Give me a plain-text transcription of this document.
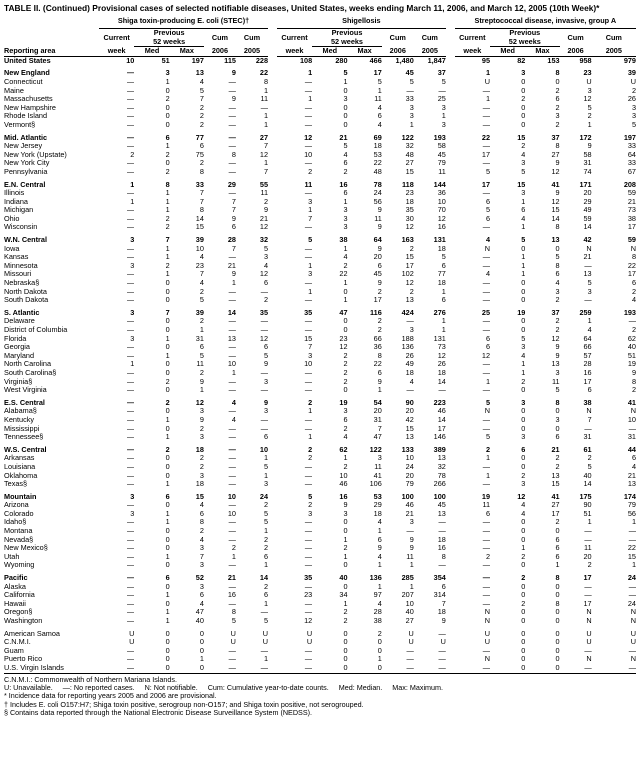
TABLE II. (Continued) Provisional cases of selected notifiable diseases, United States, weeks ending March 11, 2006, and March 12, 2005 (10th Week)*
	Shiga toxin-producing E. coli (STEC)†						Shigellosis						Streptococcal disease, invasive, group A				
	Current	Previous
52 weeks		Cum	Cum		Current	Previous
52 weeks		Cum	Cum		Current	Previous
52 weeks		Cum	Cum
Reporting area	week	Med	Max	2006	2005		week	Med	Max	2006	2005		week	Med	Max	2006	2005
United States	10	51	197	115	228		108	280	466	1,480	1,847		95	82	153	958	979

New England	—	3	13	9	22		1	5	17	45	37		1	3	8	23	39
Connecticut	—	1	4	—	8		—	1	5	5	5		U	0	0	U	U
Maine	—	0	5	—	1		—	0	1	—	—		—	0	2	3	2
Massachusetts	—	2	7	9	11		1	3	11	33	25		1	2	6	12	26
New Hampshire	—	0	2	—	—		—	0	4	3	3		—	0	2	5	3
Rhode Island	—	0	2	—	1		—	0	6	3	1		—	0	3	2	3
Vermont§	—	0	2	—	1		—	0	4	1	3		—	0	2	1	5

Mid. Atlantic	—	6	77	—	27		12	21	69	122	193		22	15	37	172	197
New Jersey	—	1	6	—	7		—	5	18	32	58		—	2	8	9	33
New York (Upstate)	2	2	75	8	12		10	4	53	48	45		17	4	27	58	64
New York City	—	0	2	—	1		—	6	22	27	79		—	3	9	31	33
Pennsylvania	—	2	8	—	7		2	2	48	15	11		5	5	12	74	67

E.N. Central	1	8	33	29	55		11	16	78	118	144		17	15	41	171	208
Illinois	—	1	7	—	11		—	6	24	23	36		—	3	9	20	59
Indiana	1	1	7	7	2		3	1	56	18	10		6	1	12	29	21
Michigan	—	1	8	7	9		1	3	9	35	70		5	6	15	49	73
Ohio	—	2	14	9	21		7	3	11	30	12		6	4	14	59	38
Wisconsin	—	2	15	6	12		—	3	9	12	16		—	1	8	14	17

W.N. Central	3	7	39	28	32		5	38	64	163	131		4	5	13	42	59
Iowa	—	1	10	7	5		—	1	9	2	18		N	0	0	N	N
Kansas	—	1	4	—	3		—	4	20	15	5		—	1	5	21	8
Minnesota	3	2	23	21	4		1	2	6	17	6		—	1	8	—	22
Missouri	—	1	7	9	12		3	22	45	102	77		4	1	6	13	17
Nebraska§	—	0	4	1	6		—	1	9	12	18		—	0	4	5	6
North Dakota	—	0	2	—	—		1	0	2	2	1		—	0	3	3	2
South Dakota	—	0	5	—	2		—	1	17	13	6		—	0	2	—	4

S. Atlantic	3	7	39	14	35		35	47	116	424	276		25	19	37	259	193
Delaware	—	0	2	—	—		—	0	2	—	1		—	0	2	1	—
District of Columbia	—	0	1	—	—		—	0	2	3	1		—	0	2	4	2
Florida	3	1	31	13	12		15	23	66	188	131		6	5	12	64	62
Georgia	—	0	6	—	6		7	12	36	136	73		6	3	9	66	40
Maryland	—	1	5	—	5		3	2	8	26	12		12	4	9	57	51
North Carolina	1	0	11	10	9		10	2	22	49	26		—	1	13	28	19
South Carolina§	—	0	2	1	—		—	2	6	18	18		—	1	3	16	9
Virginia§	—	2	9	—	3		—	2	9	4	14		1	2	11	17	8
West Virginia	—	0	1	—	—		—	0	1	—	—		—	0	5	6	2

E.S. Central	—	2	12	4	9		2	19	54	90	223		5	3	8	38	41
Alabama§	—	0	3	—	3		1	3	20	20	46		N	0	0	N	N
Kentucky	—	1	9	4	—		—	6	31	42	14		—	0	3	7	10
Mississippi	—	0	2	—	—		—	2	7	15	17		—	0	0	—	—
Tennessee§	—	1	3	—	6		1	4	47	13	146		5	3	6	31	31

W.S. Central	—	2	18	—	10		2	62	122	133	389		2	6	21	61	44
Arkansas	—	0	2	—	1		2	1	3	10	13		1	0	2	2	6
Louisiana	—	0	2	—	5		—	2	11	24	32		—	0	2	5	4
Oklahoma	—	0	3	—	1		—	10	41	20	78		1	2	13	40	21
Texas§	—	1	18	—	3		—	46	106	79	266		—	3	15	14	13

Mountain	3	6	15	10	24		5	16	53	100	100		19	12	41	175	174
Arizona	—	0	4	—	2		2	9	29	46	45		11	4	27	90	79
Colorado	3	1	6	10	5		3	3	18	21	13		6	4	17	51	56
Idaho§	—	1	8	—	5		—	0	4	3	—		—	0	2	1	1
Montana	—	0	2	—	1		—	0	1	—	—		—	0	0	—	—
Nevada§	—	0	4	—	2		—	1	6	9	18		—	0	6	—	—
New Mexico§	—	0	3	2	2		—	2	9	9	16		—	1	6	11	22
Utah	—	1	7	1	6		—	1	4	11	8		2	2	6	20	15
Wyoming	—	0	3	—	1		—	0	1	1	—		—	0	1	2	1

Pacific	—	6	52	21	14		35	40	136	285	354		—	2	8	17	24
Alaska	—	0	3	—	2		—	0	1	1	6		—	0	0	—	—
California	—	1	6	16	6		23	34	97	207	314		—	0	0	—	—
Hawaii	—	0	4	—	1		—	1	4	10	7		—	2	8	17	24
Oregon§	—	1	47	8	—		—	2	28	40	18		N	0	0	N	N
Washington	—	1	40	5	5		12	2	38	27	9		N	0	0	N	N

American Samoa	U	0	0	U	U		U	0	2	U	—		U	0	0	U	U
C.N.M.I.	U	0	0	U	U		U	0	0	U	U		U	0	0	U	U
Guam	—	0	0	—	—		—	0	0	—	—		—	0	0	—	—
Puerto Rico	—	0	1	—	1		—	0	1	—	—		N	0	0	N	N
U.S. Virgin Islands	—	0	0	—	—		—	0	0	—	—		—	0	0	—	—
C.N.M.I.: Commonwealth of Northern Mariana Islands.
U: Unavailable.     —: No reported cases.     N: Not notifiable.     Cum: Cumulative year-to-date counts.     Med: Median.     Max: Maximum.
* Incidence data for reporting years 2005 and 2006 are provisional.
† Includes E. coli O157:H7; Shiga toxin positive, serogroup non-O157; and Shiga toxin positive, not serogrouped.
§ Contains data reported through the National Electronic Disease Surveillance System (NEDSS).
